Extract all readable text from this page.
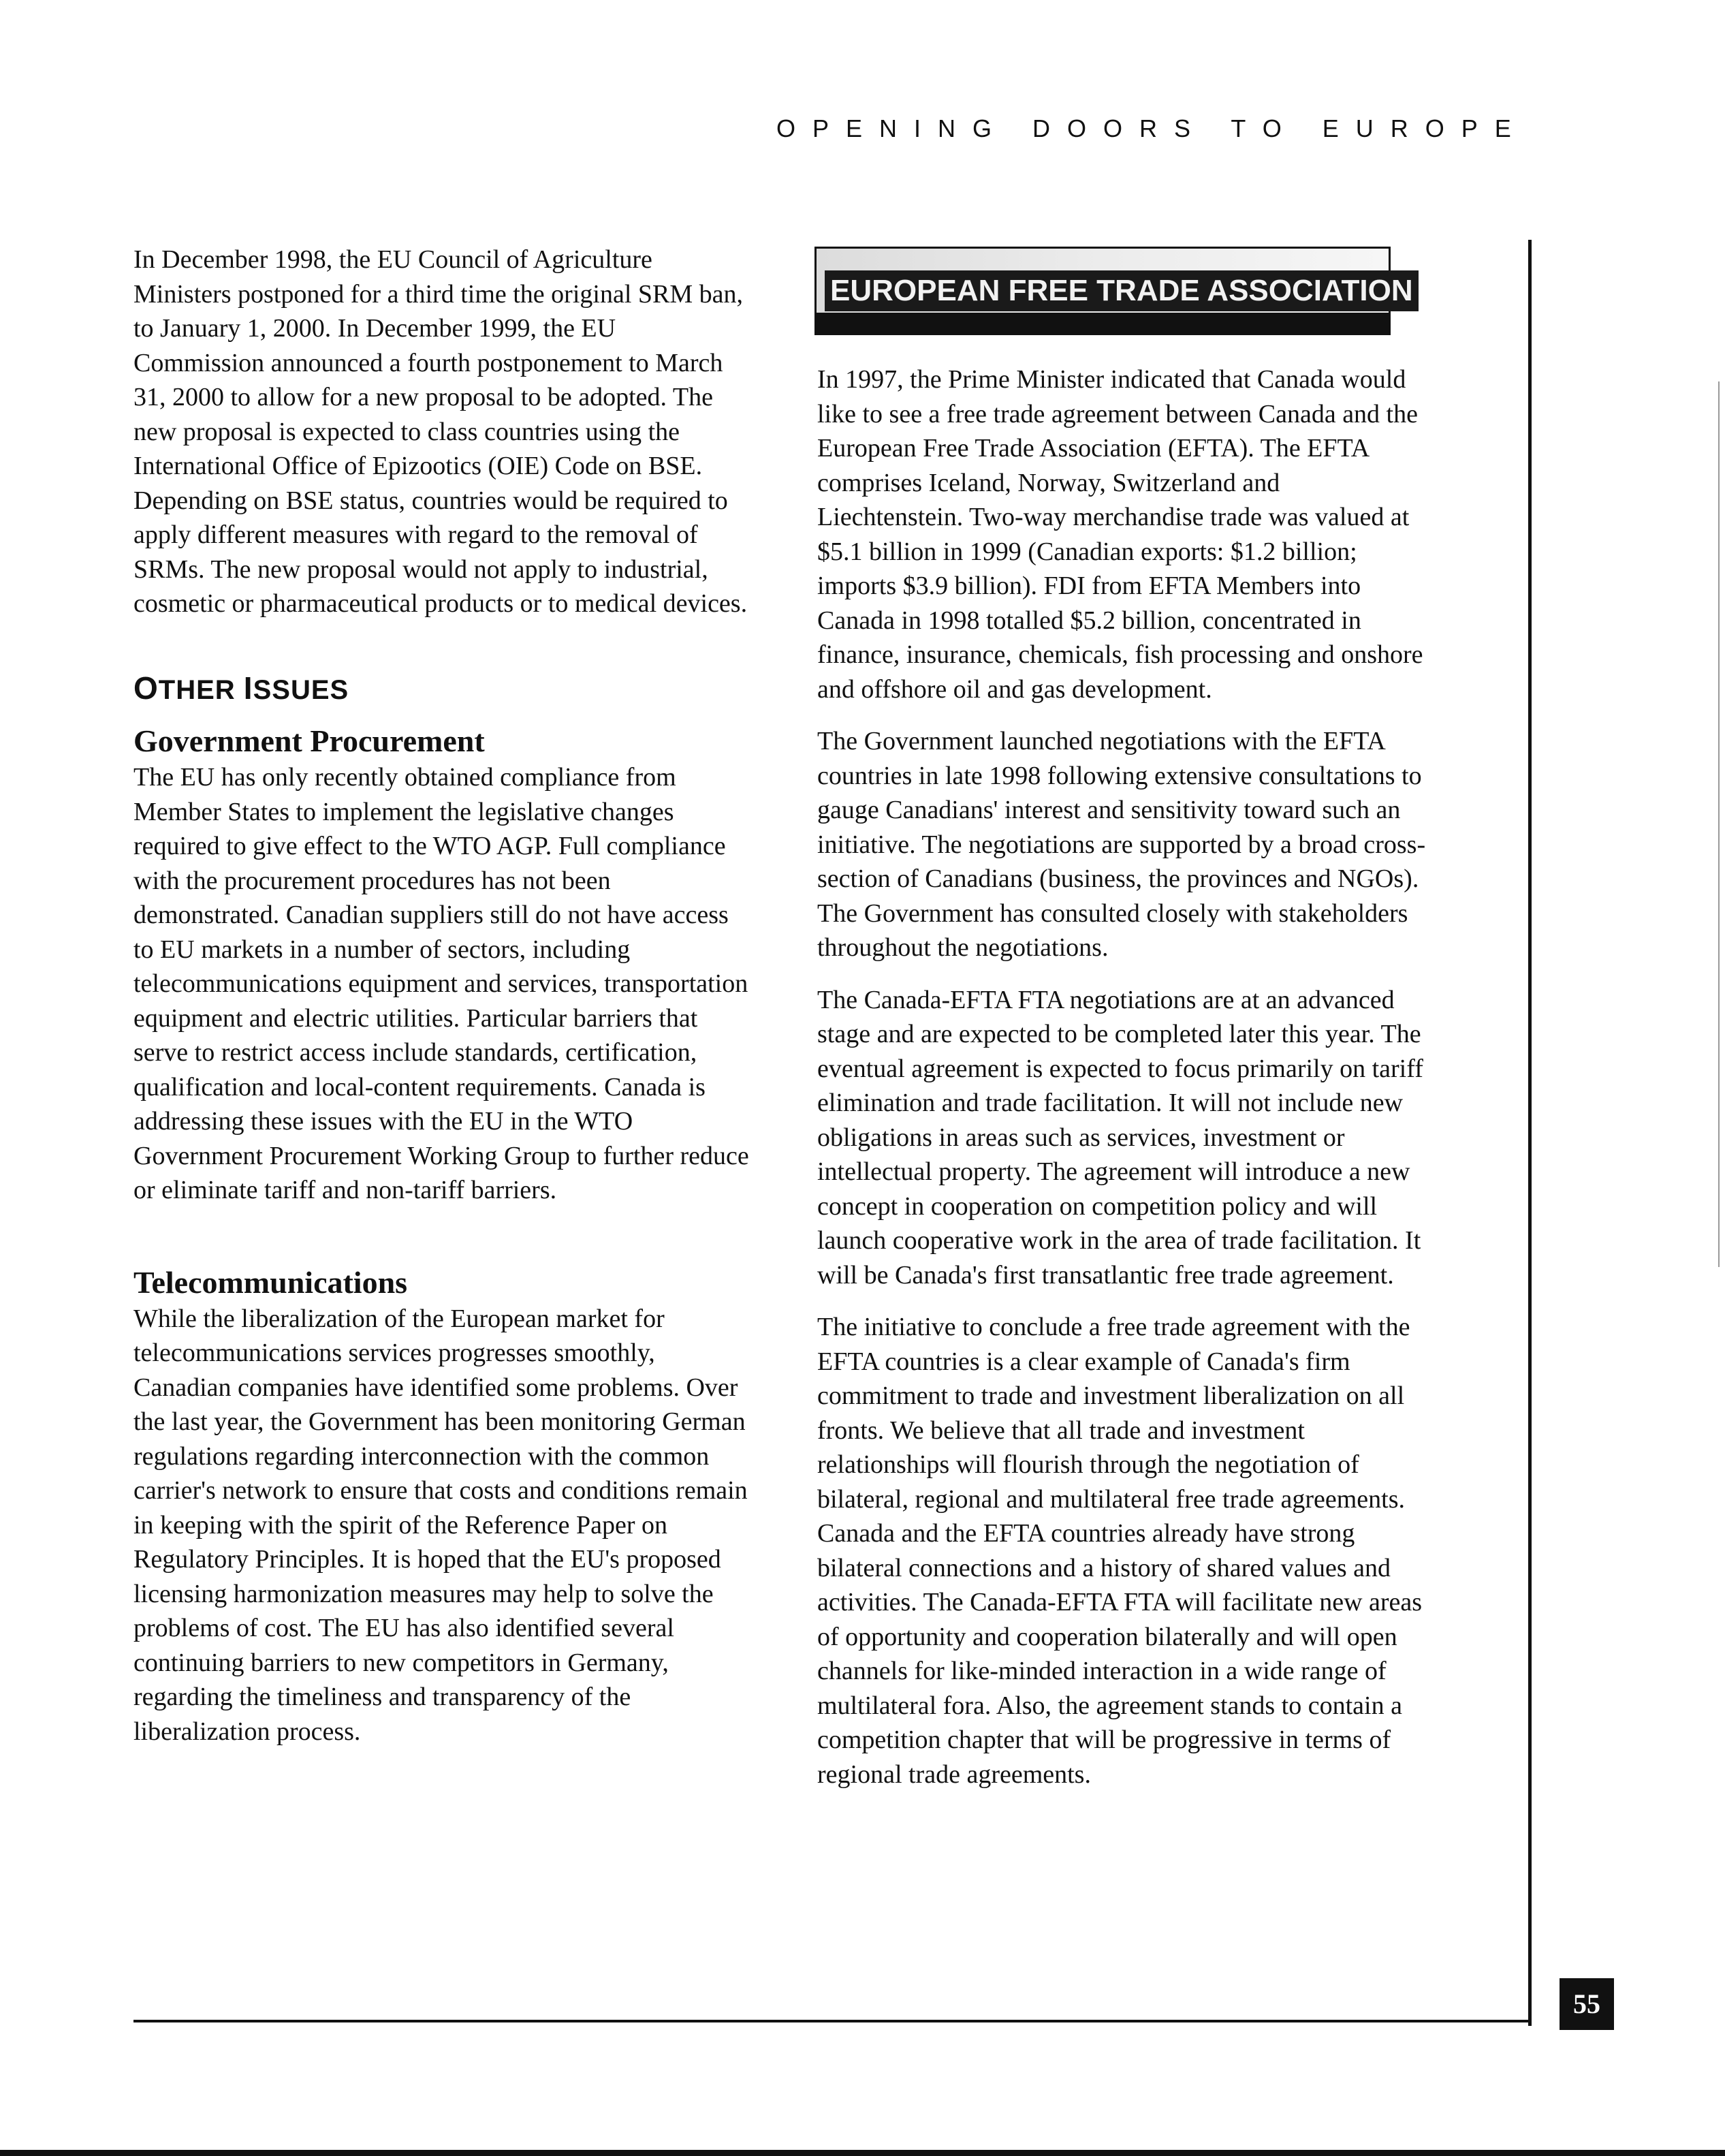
OPENING DOORS TO EUROPE

In December 1998, the EU Council of Agriculture Ministers postponed for a third time the original SRM ban, to January 1, 2000. In December 1999, the EU Commission announced a fourth postponement to March 31, 2000 to allow for a new proposal to be adopted. The new proposal is expected to class countries using the International Office of Epizootics (OIE) Code on BSE. Depending on BSE status, countries would be required to apply different measures with regard to the removal of SRMs. The new proposal would not apply to industrial, cosmetic or pharmaceutical products or to medical devices.

OTHER ISSUES
Government Procurement

The EU has only recently obtained compliance from Member States to implement the legislative changes required to give effect to the WTO AGP. Full compliance with the procurement procedures has not been demonstrated. Canadian suppliers still do not have access to EU markets in a number of sectors, including telecommunications equipment and services, transportation equipment and electric utilities. Particular barriers that serve to restrict access include standards, certification, qualification and local-content requirements. Canada is addressing these issues with the EU in the WTO Government Procurement Working Group to further reduce or eliminate tariff and non-tariff barriers.

Telecommunications

While the liberalization of the European market for telecommunications services progresses smoothly, Canadian companies have identified some problems. Over the last year, the Government has been monitoring German regulations regarding interconnection with the common carrier's network to ensure that costs and conditions remain in keeping with the spirit of the Reference Paper on Regulatory Principles. It is hoped that the EU's proposed licensing harmonization measures may help to solve the problems of cost. The EU has also identified several continuing barriers to new competitors in Germany, regarding the timeliness and transparency of the liberalization process.

EUROPEAN FREE TRADE ASSOCIATION

In 1997, the Prime Minister indicated that Canada would like to see a free trade agreement between Canada and the European Free Trade Association (EFTA). The EFTA comprises Iceland, Norway, Switzerland and Liechtenstein. Two-way merchandise trade was valued at $5.1 billion in 1999 (Canadian exports: $1.2 billion; imports $3.9 billion). FDI from EFTA Members into Canada in 1998 totalled $5.2 billion, concentrated in finance, insurance, chemicals, fish processing and onshore and offshore oil and gas development.

The Government launched negotiations with the EFTA countries in late 1998 following extensive consultations to gauge Canadians' interest and sensitivity toward such an initiative. The negotiations are supported by a broad cross-section of Canadians (business, the provinces and NGOs). The Government has consulted closely with stakeholders throughout the negotiations.

The Canada-EFTA FTA negotiations are at an advanced stage and are expected to be completed later this year. The eventual agreement is expected to focus primarily on tariff elimination and trade facilitation. It will not include new obligations in areas such as services, investment or intellectual property. The agreement will introduce a new concept in cooperation on competition policy and will launch cooperative work in the area of trade facilitation. It will be Canada's first transatlantic free trade agreement.

The initiative to conclude a free trade agreement with the EFTA countries is a clear example of Canada's firm commitment to trade and investment liberalization on all fronts. We believe that all trade and investment relationships will flourish through the negotiation of bilateral, regional and multilateral free trade agreements. Canada and the EFTA countries already have strong bilateral connections and a history of shared values and activities. The Canada-EFTA FTA will facilitate new areas of opportunity and cooperation bilaterally and will open channels for like-minded interaction in a wide range of multilateral fora. Also, the agreement stands to contain a competition chapter that will be progressive in terms of regional trade agreements.

55
